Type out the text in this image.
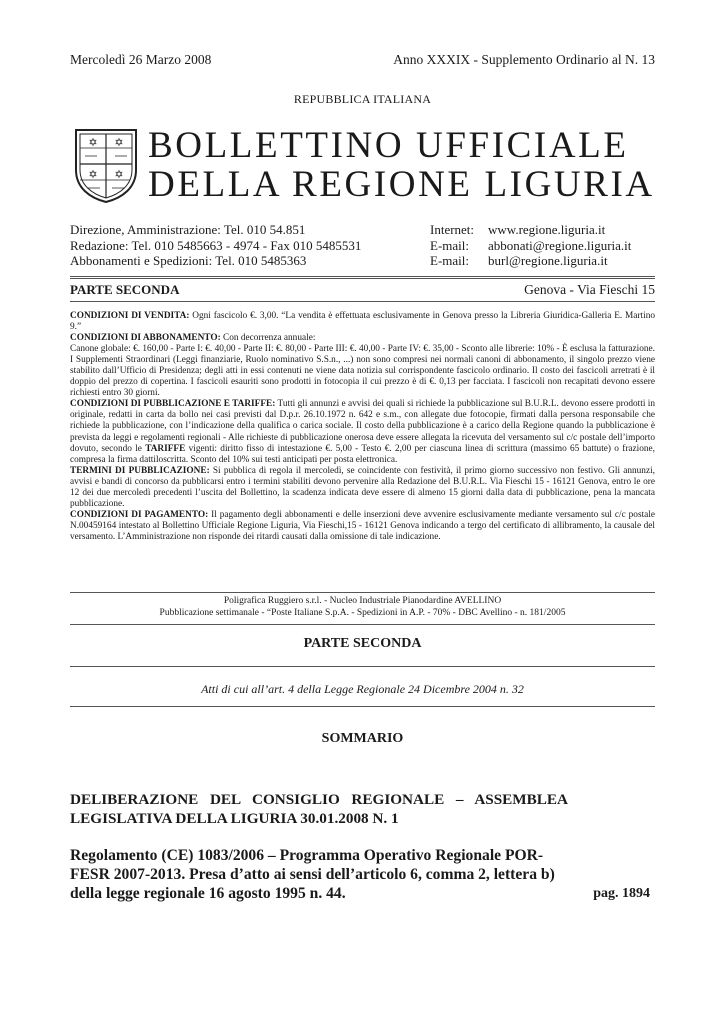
Mercoledì 26 Marzo 2008	Anno XXXIX - Supplemento Ordinario al N. 13
REPUBBLICA ITALIANA
✡ ✡
✡ ✡
BOLLETTINO UFFICIALE
DELLA REGIONE LIGURIA
Direzione, Amministrazione: Tel. 010 54.851
Redazione: Tel. 010 5485663 - 4974 - Fax 010 5485531
Abbonamenti e Spedizioni: Tel. 010 5485363
Internet:	www.regione.liguria.it
E-mail:	abbonati@regione.liguria.it
E-mail:	burl@regione.liguria.it
PARTE SECONDA	Genova - Via Fieschi 15

CONDIZIONI DI VENDITA: Ogni fascicolo €. 3,00. “La vendita è effettuata esclusivamente in Genova presso la Libreria Giuridica-Galleria E. Martino 9.”

CONDIZIONI DI ABBONAMENTO: Con decorrenza annuale:

Canone globale: €. 160,00 - Parte I: €. 40,00 - Parte II: €. 80,00 - Parte III: €. 40,00 - Parte IV: €. 35,00 - Sconto alle librerie: 10% - È esclusa la fatturazione. I Supplementi Straordinari (Leggi finanziarie, Ruolo nominativo S.S.n., ...) non sono compresi nei normali canoni di abbonamento, il singolo prezzo viene stabilito dall’Ufficio di Presidenza; degli atti in essi contenuti ne viene data notizia sul corrispondente fascicolo ordinario. Il costo dei fascicoli arretrati è il doppio del prezzo di copertina. I fascicoli esauriti sono prodotti in fotocopia il cui prezzo è di €. 0,13 per facciata. I fascicoli non recapitati devono essere richiesti entro 30 giorni.

CONDIZIONI DI PUBBLICAZIONE E TARIFFE: Tutti gli annunzi e avvisi dei quali si richiede la pubblicazione sul B.U.R.L. devono essere prodotti in originale, redatti in carta da bollo nei casi previsti dal D.p.r. 26.10.1972 n. 642 e s.m., con allegate due fotocopie, firmati dalla persona responsabile che richiede la pubblicazione, con l’indicazione della qualifica o carica sociale. Il costo della pubblicazione è a carico della Regione quando la pubblicazione è prevista da leggi e regolamenti regionali - Alle richieste di pubblicazione onerosa deve essere allegata la ricevuta del versamento sul c/c postale dell’importo dovuto, secondo le TARIFFE vigenti: diritto fisso di intestazione €. 5,00 - Testo €. 2,00 per ciascuna linea di scrittura (massimo 65 battute) o frazione, compresa la firma dattiloscritta. Sconto del 10% sui testi anticipati per posta elettronica.

TERMINI DI PUBBLICAZIONE: Si pubblica di regola il mercoledì, se coincidente con festività, il primo giorno successivo non festivo. Gli annunzi, avvisi e bandi di concorso da pubblicarsi entro i termini stabiliti devono pervenire alla Redazione del B.U.R.L. Via Fieschi 15 - 16121 Genova, entro le ore 12 dei due mercoledì precedenti l’uscita del Bollettino, la scadenza indicata deve essere di almeno 15 giorni dalla data di pubblicazione, pena la mancata pubblicazione.

CONDIZIONI DI PAGAMENTO: Il pagamento degli abbonamenti e delle inserzioni deve avvenire esclusivamente mediante versamento sul c/c postale N.00459164 intestato al Bollettino Ufficiale Regione Liguria, Via Fieschi,15 - 16121 Genova indicando a tergo del certificato di allibramento, la causale del versamento. L’Amministrazione non risponde dei ritardi causati dalla omissione di tale indicazione.

Poligrafica Ruggiero s.r.l. - Nucleo Industriale Pianodardine AVELLINO
Pubblicazione settimanale - “Poste Italiane S.p.A. - Spedizioni in A.P. - 70% - DBC Avellino - n. 181/2005
PARTE SECONDA
Atti di cui all’art. 4 della Legge Regionale 24 Dicembre 2004 n. 32
SOMMARIO
DELIBERAZIONE DEL CONSIGLIO REGIONALE – ASSEMBLEA LEGISLATIVA DELLA LIGURIA 30.01.2008 N. 1
Regolamento (CE) 1083/2006 – Programma Operativo Regionale POR-FESR 2007-2013. Presa d’atto ai sensi dell’articolo 6, comma 2, lettera b) della legge regionale 16 agosto 1995 n. 44.	pag. 1894
